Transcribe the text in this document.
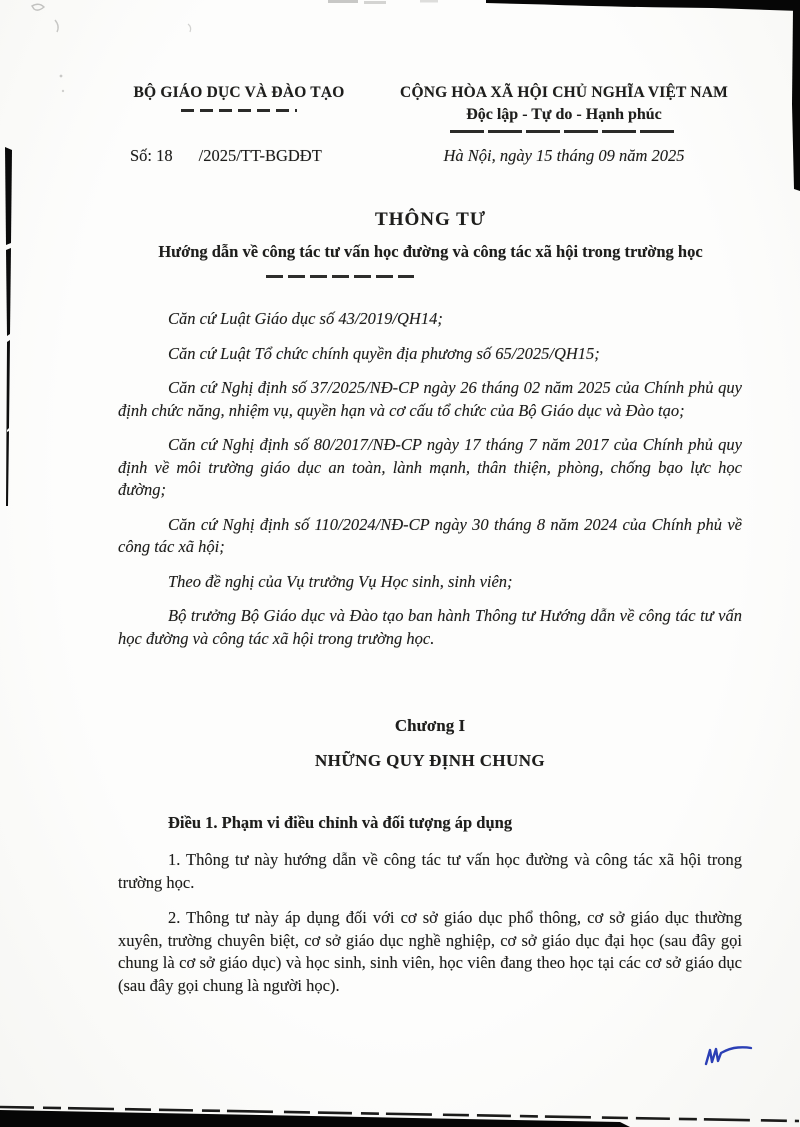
BỘ GIÁO DỤC VÀ ĐÀO TẠO	CỘNG HÒA XÃ HỘI CHỦ NGHĨA VIỆT NAM
Độc lập - Tự do - Hạnh phúc
Số: 18 /2025/TT-BGDĐT	Hà Nội, ngày 15 tháng 09 năm 2025
THÔNG TƯ
Hướng dẫn về công tác tư vấn học đường và công tác xã hội trong trường học

Căn cứ Luật Giáo dục số 43/2019/QH14;

Căn cứ Luật Tổ chức chính quyền địa phương số 65/2025/QH15;

Căn cứ Nghị định số 37/2025/NĐ-CP ngày 26 tháng 02 năm 2025 của Chính phủ quy định chức năng, nhiệm vụ, quyền hạn và cơ cấu tổ chức của Bộ Giáo dục và Đào tạo;

Căn cứ Nghị định số 80/2017/NĐ-CP ngày 17 tháng 7 năm 2017 của Chính phủ quy định về môi trường giáo dục an toàn, lành mạnh, thân thiện, phòng, chống bạo lực học đường;

Căn cứ Nghị định số 110/2024/NĐ-CP ngày 30 tháng 8 năm 2024 của Chính phủ về công tác xã hội;

Theo đề nghị của Vụ trưởng Vụ Học sinh, sinh viên;

Bộ trưởng Bộ Giáo dục và Đào tạo ban hành Thông tư Hướng dẫn về công tác tư vấn học đường và công tác xã hội trong trường học.

Chương I
NHỮNG QUY ĐỊNH CHUNG

Điều 1. Phạm vi điều chỉnh và đối tượng áp dụng

1. Thông tư này hướng dẫn về công tác tư vấn học đường và công tác xã hội trong trường học.

2. Thông tư này áp dụng đối với cơ sở giáo dục phổ thông, cơ sở giáo dục thường xuyên, trường chuyên biệt, cơ sở giáo dục nghề nghiệp, cơ sở giáo dục đại học (sau đây gọi chung là cơ sở giáo dục) và học sinh, sinh viên, học viên đang theo học tại các cơ sở giáo dục (sau đây gọi chung là người học).
